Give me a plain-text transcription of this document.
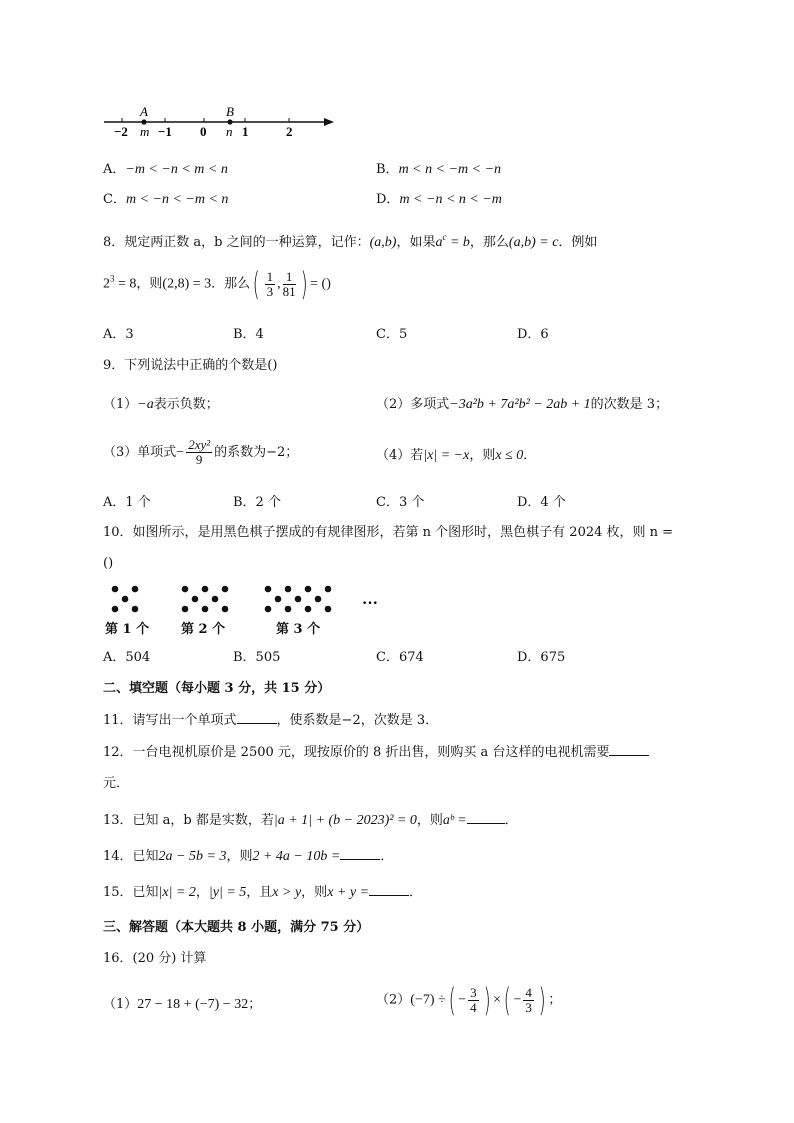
A	B
−2 m −1 0 n 1	2
A．−m < −n < m < n	B．m < n < −m < −n
C．m < −n < −m < n	D．m < −n < n < −m
8．规定两正数 a，b 之间的一种运算，记作：(a,b)，如果$a^c = b$，那么(a,b) = c．例如
$2^3 = 8$，则(2,8) = 3．那么( $\frac{1}{3}$ , $\frac{1}{81}$ ) = ()
A．3	B．4	C．5	D．6
9．下列说法中正确的个数是()
（1）−a表示负数；	（2）多项式−3a²b + 7a²b² − 2ab + 1的次数是 3；
（3）单项式− $\frac{\text{2xy²}}{9}$ 的系数为−2；	（4）若|x| = −x，则x ≤ 0．
A．1 个	B．2 个	C．3 个	D．4 个
10．如图所示，是用黑色棋子摆成的有规律图形，若第 n 个图形时，黑色棋子有 2024 枚，则 n =
()
···
第 1 个 第 2 个	第 3 个
A．504	B．505	C．674	D．675
二、填空题（每小题 3 分，共 15 分）
11．请写出一个单项式	，使系数是−2，次数是 3．
12．一台电视机原价是 2500 元，现按原价的 8 折出售，则购买 a 台这样的电视机需要
元．
13．已知 a，b 都是实数，若|a + 1| + (b − 2023)² = 0，则aᵇ =	．
14．已知2a − 5b = 3，则2 + 4a − 10b =	．
15．已知|x| = 2，|y| = 5，且x > y，则x + y =	．
三、解答题（本大题共 8 小题，满分 75 分）
16．(20 分) 计算
（1）27 − 18 + (−7) − 32；	（2）(−7) ÷( − $\frac{3}{4}$ ) ×( − $\frac{4}{3}$ ) ；
